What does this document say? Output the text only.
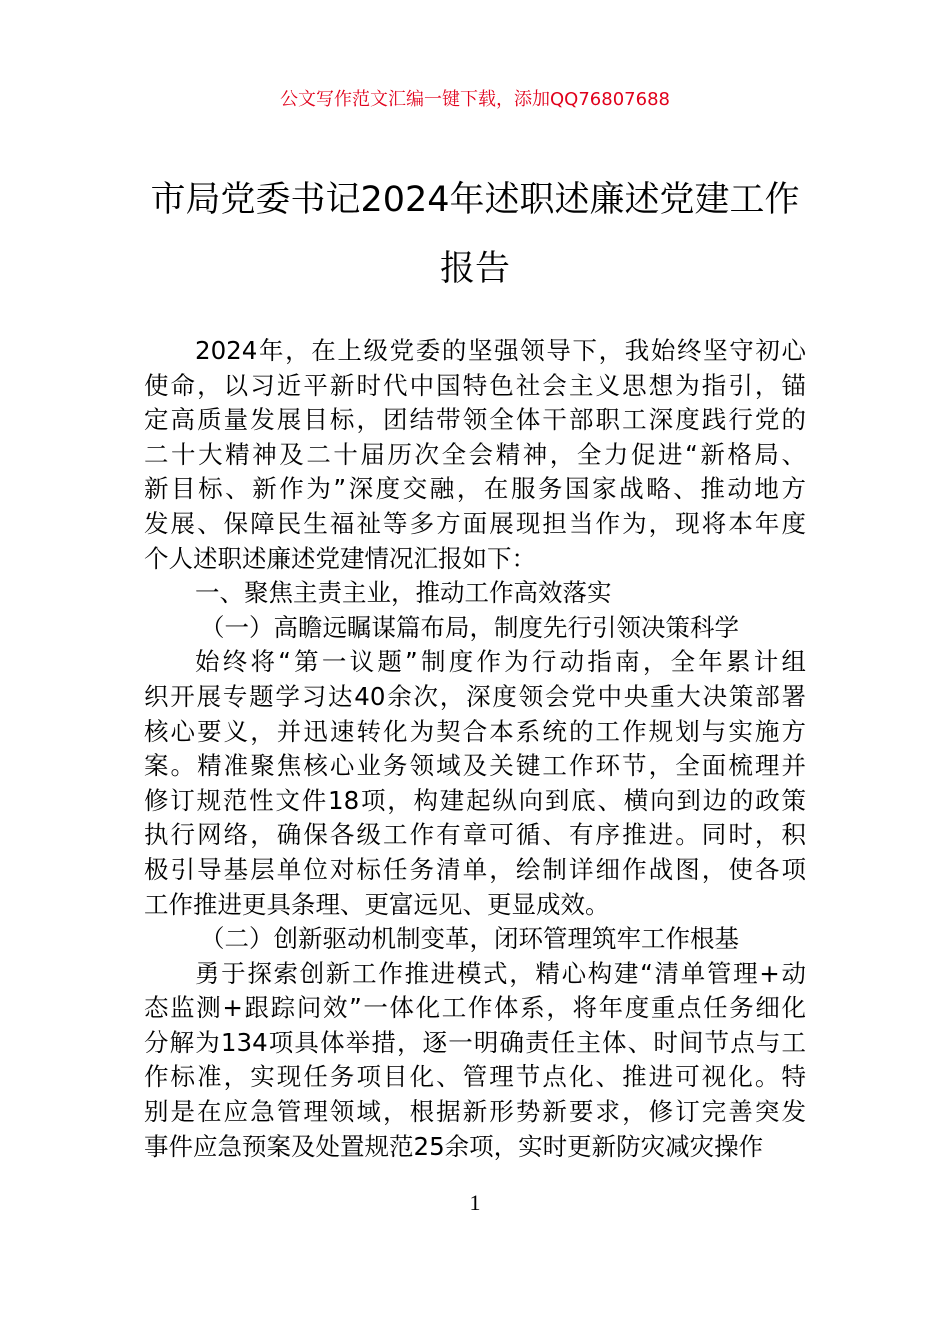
公文写作范文汇编一键下载，添加QQ76807688
市局党委书记2024年述职述廉述党建工作
报告
2024年，在上级党委的坚强领导下，我始终坚守初心
使命，以习近平新时代中国特色社会主义思想为指引，锚
定高质量发展目标，团结带领全体干部职工深度践行党的
二十大精神及二十届历次全会精神，全力促进“新格局、
新目标、新作为”深度交融，在服务国家战略、推动地方
发展、保障民生福祉等多方面展现担当作为，现将本年度
个人述职述廉述党建情况汇报如下：
一、聚焦主责主业，推动工作高效落实
（一）高瞻远瞩谋篇布局，制度先行引领决策科学
始终将“第一议题”制度作为行动指南，全年累计组
织开展专题学习达40余次，深度领会党中央重大决策部署
核心要义，并迅速转化为契合本系统的工作规划与实施方
案。精准聚焦核心业务领域及关键工作环节，全面梳理并
修订规范性文件18项，构建起纵向到底、横向到边的政策
执行网络，确保各级工作有章可循、有序推进。同时，积
极引导基层单位对标任务清单，绘制详细作战图，使各项
工作推进更具条理、更富远见、更显成效。
（二）创新驱动机制变革，闭环管理筑牢工作根基
勇于探索创新工作推进模式，精心构建“清单管理+动
态监测+跟踪问效”一体化工作体系，将年度重点任务细化
分解为134项具体举措，逐一明确责任主体、时间节点与工
作标准，实现任务项目化、管理节点化、推进可视化。特
别是在应急管理领域，根据新形势新要求，修订完善突发
事件应急预案及处置规范25余项，实时更新防灾减灾操作
1
